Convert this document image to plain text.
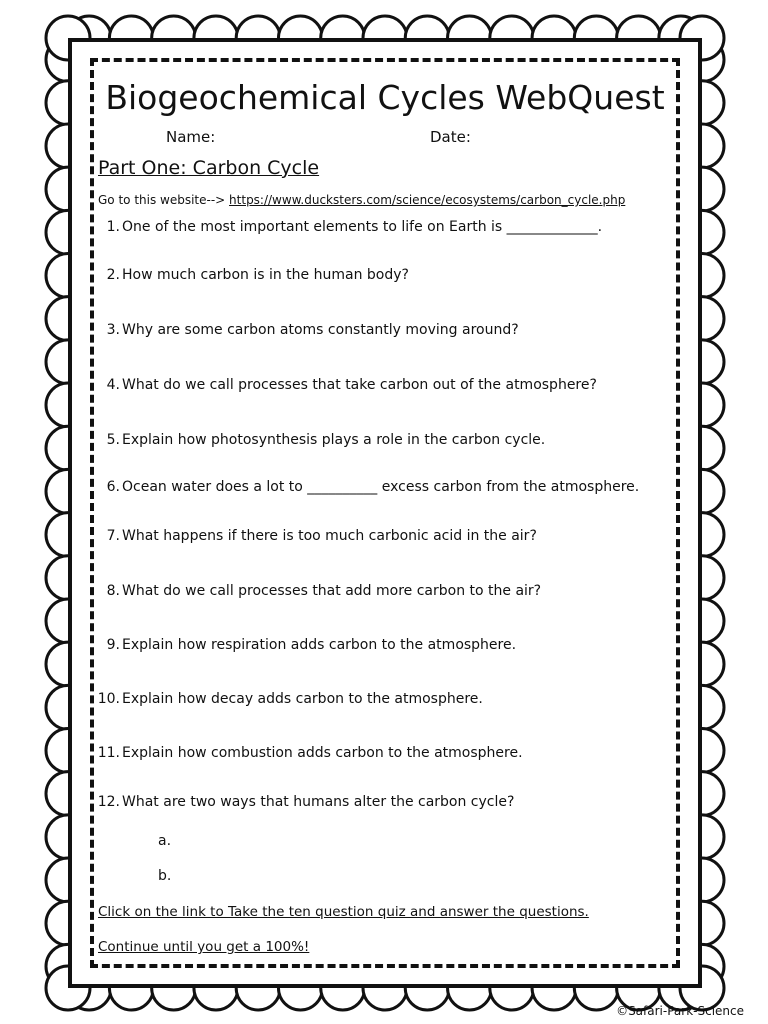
Biogeochemical Cycles WebQuest
Name:	Date:
Part One: Carbon Cycle
Go to this website--> https://www.ducksters.com/science/ecosystems/carbon_cycle.php
1. One of the most important elements to life on Earth is _____________.
2. How much carbon is in the human body?
3. Why are some carbon atoms constantly moving around?
4. What do we call processes that take carbon out of the atmosphere?
5. Explain how photosynthesis plays a role in the carbon cycle.
6. Ocean water does a lot to __________ excess carbon from the atmosphere.
7. What happens if there is too much carbonic acid in the air?
8. What do we call processes that add more carbon to the air?
9. Explain how respiration adds carbon to the atmosphere.
10. Explain how decay adds carbon to the atmosphere.
11. Explain how combustion adds carbon to the atmosphere.
12. What are two ways that humans alter the carbon cycle?
a.
b.
Click on the link to Take the ten question quiz and answer the questions.
Continue until you get a 100%!
©Safari-Park-Science
